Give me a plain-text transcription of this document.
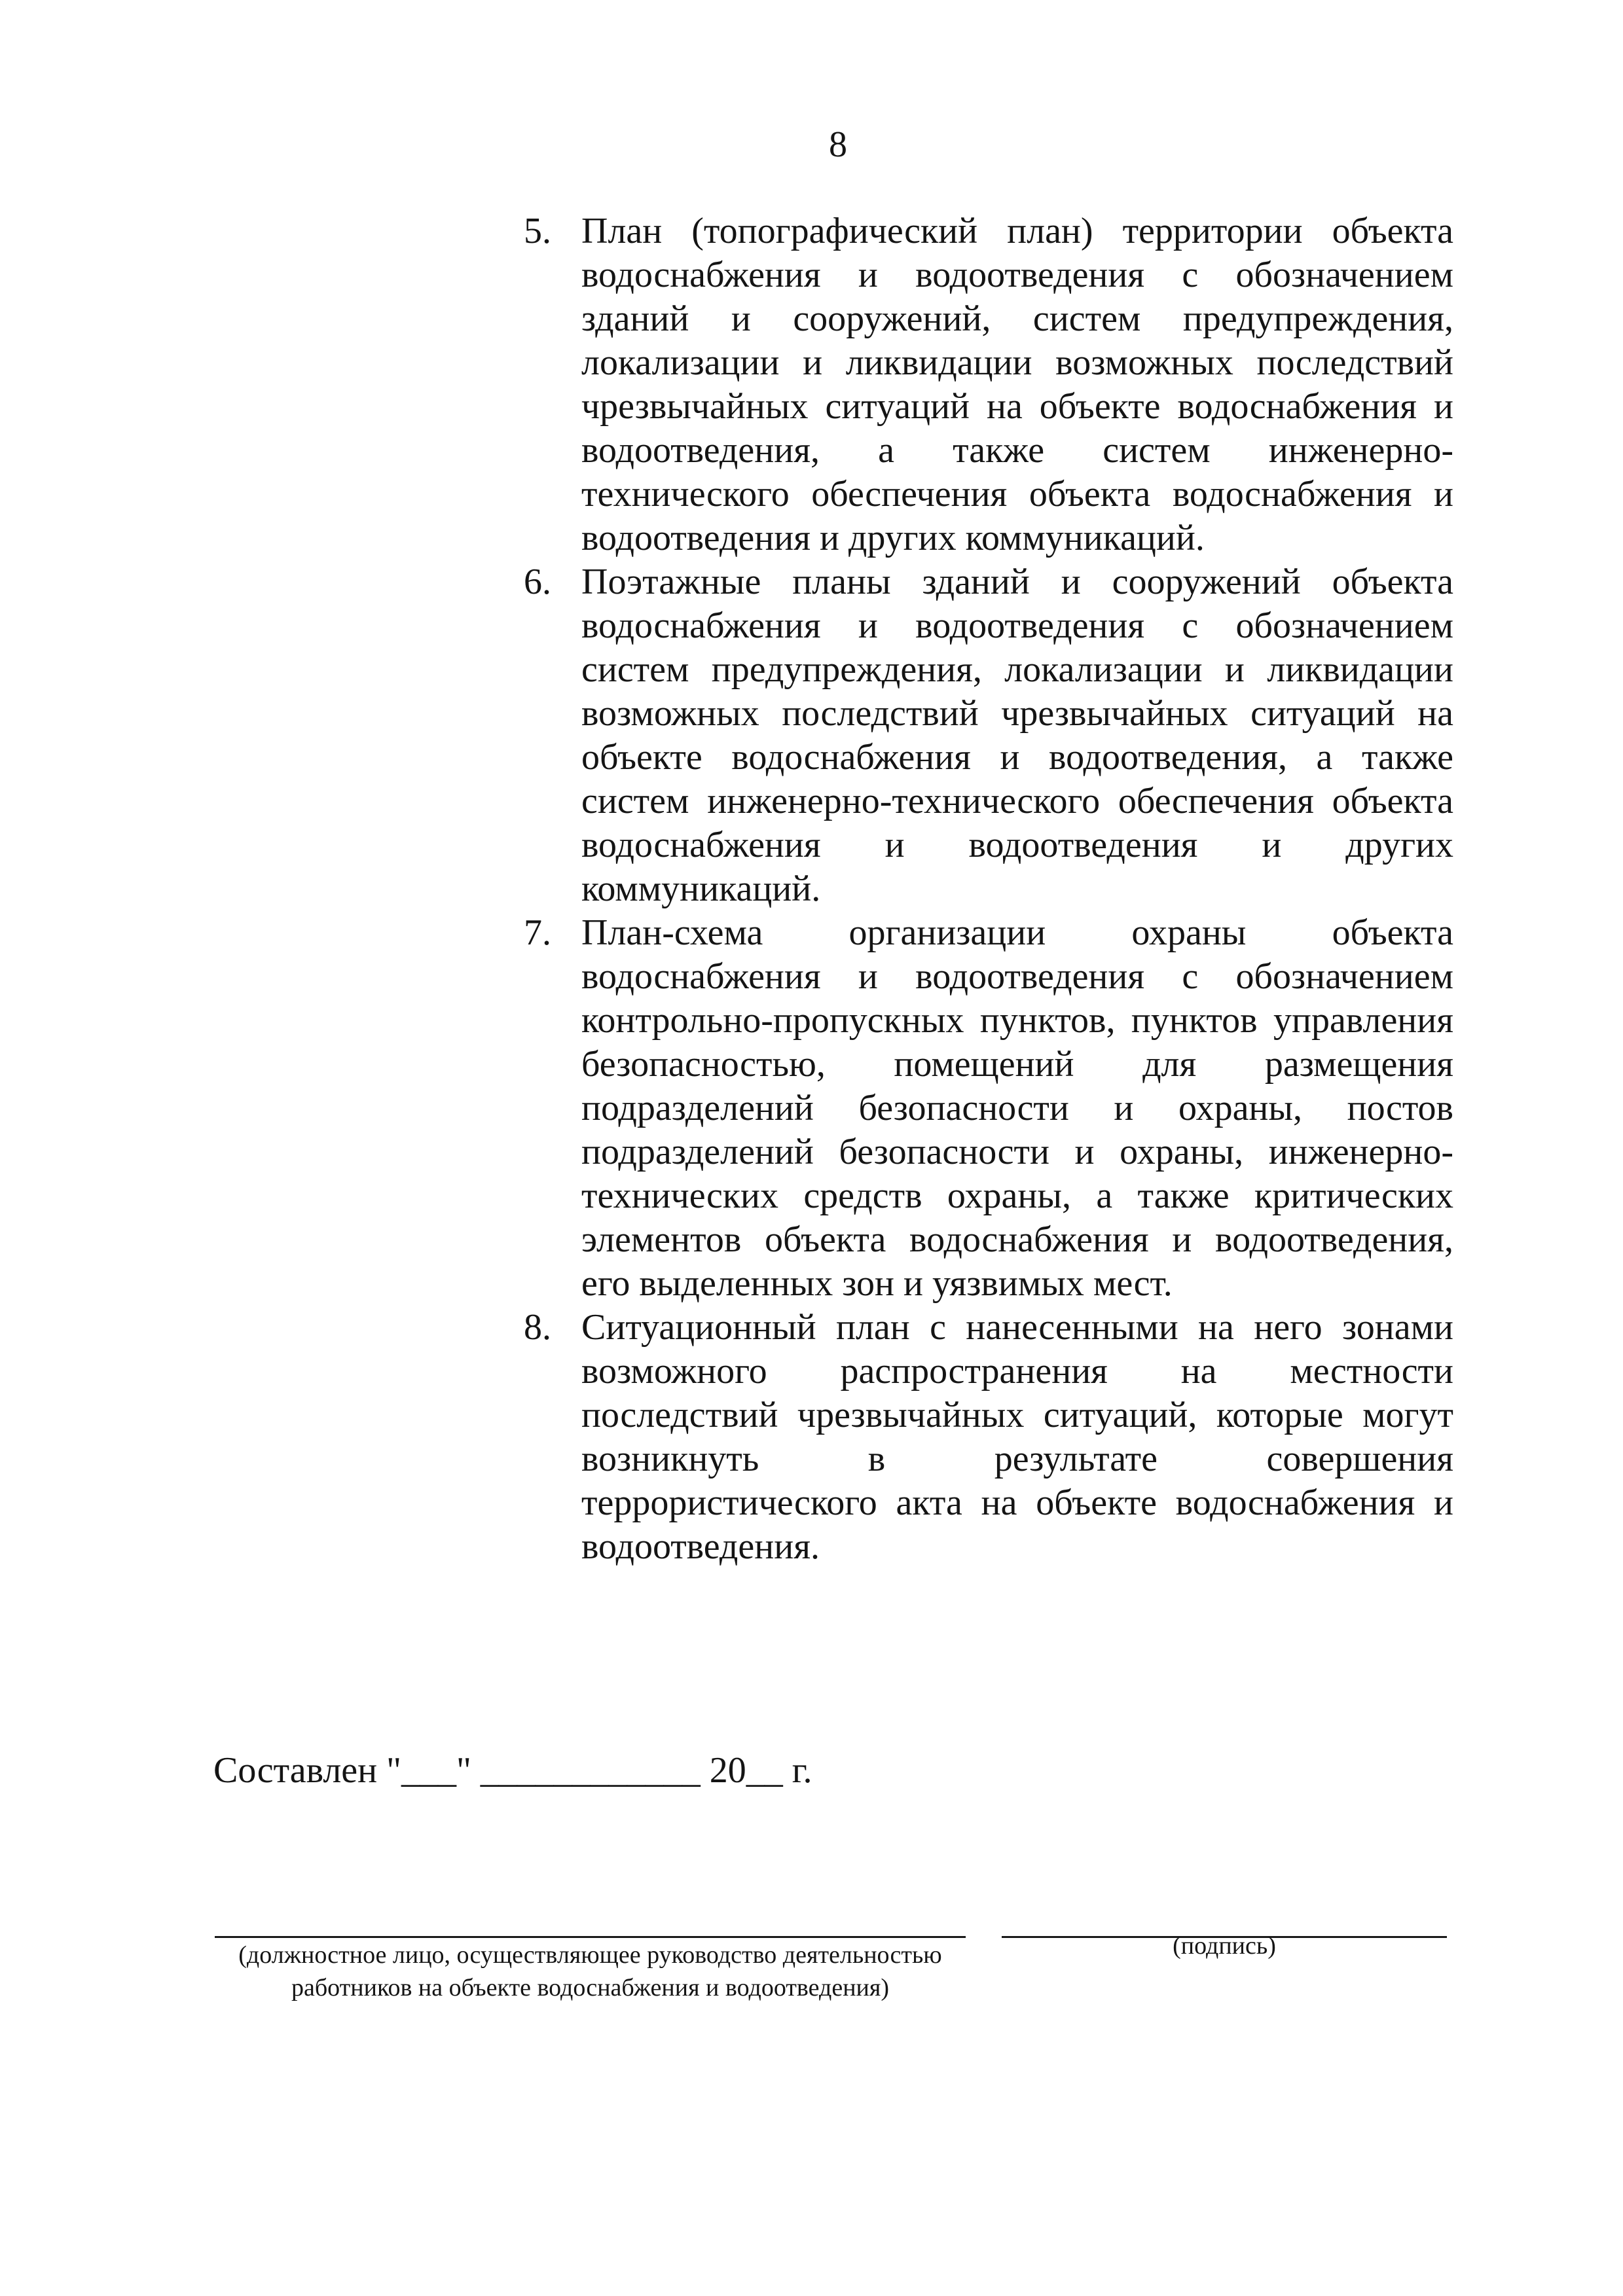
8
5. План (топографический план) территории объекта водоснабжения и водоотведения с обозначением зданий и сооружений, систем предупреждения, локализации и ликвидации возможных последствий чрезвычайных ситуаций на объекте водоснабжения и водоотведения, а также систем инженерно-технического обеспечения объекта водоснабжения и водоотведения и других коммуникаций.
6. Поэтажные планы зданий и сооружений объекта водоснабжения и водоотведения с обозначением систем предупреждения, локализации и ликвидации возможных последствий чрезвычайных ситуаций на объекте водоснабжения и водоотведения, а также систем инженерно-технического обеспечения объекта водоснабжения и водоотведения и других коммуникаций.
7. План-схема организации охраны объекта водоснабжения и водоотведения с обозначением контрольно-пропускных пунктов, пунктов управления безопасностью, помещений для размещения подразделений безопасности и охраны, постов подразделений безопасности и охраны, инженерно-технических средств охраны, а также критических элементов объекта водоснабжения и водоотведения, его выделенных зон и уязвимых мест.
8. Ситуационный план с нанесенными на него зонами возможного распространения на местности последствий чрезвычайных ситуаций, которые могут возникнуть в результате совершения террористического акта на объекте водоснабжения и водоотведения.
Составлен "___" ____________ 20__ г.
(должностное лицо, осуществляющее руководство деятельностью работников на объекте водоснабжения и водоотведения)
(подпись)
